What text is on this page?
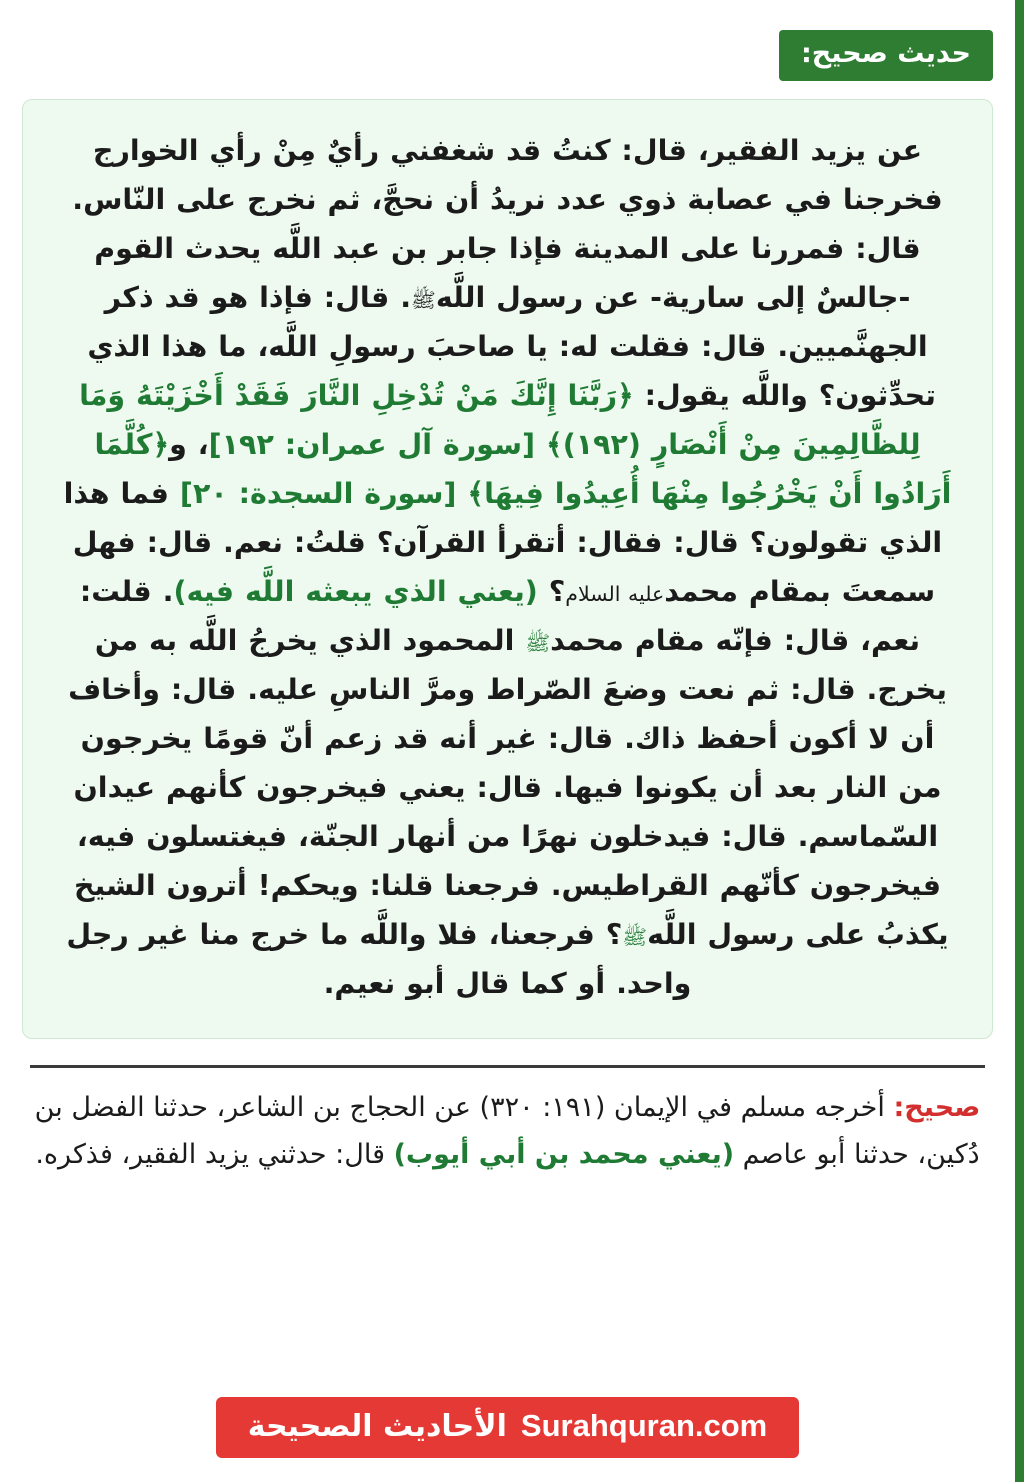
حديث صحيح:
عن يزيد الفقير، قال: كنتُ قد شغفني رأيٌ مِنْ رأي الخوارج فخرجنا في عصابة ذوي عدد نريدُ أن نحجَّ، ثم نخرج على النّاس. قال: فمررنا على المدينة فإذا جابر بن عبد اللَّه يحدث القوم -جالسٌ إلى سارية- عن رسول اللَّهﷺ. قال: فإذا هو قد ذكر الجهنَّميين. قال: فقلت له: يا صاحبَ رسولِ اللَّه، ما هذا الذي تحدِّثون؟ واللَّه يقول: ﴿رَبَّنَا إِنَّكَ مَنْ تُدْخِلِ النَّارَ فَقَدْ أَخْزَيْتَهُ وَمَا لِلظَّالِمِينَ مِنْ أَنْصَارٍ (١٩٢)﴾ [سورة آل عمران: ١٩٢]، و﴿كُلَّمَا أَرَادُوا أَنْ يَخْرُجُوا مِنْهَا أُعِيدُوا فِيهَا﴾ [سورة السجدة: ٢٠] فما هذا الذي تقولون؟ قال: فقال: أتقرأ القرآن؟ قلتُ: نعم. قال: فهل سمعتَ بمقام محمدعليه السلام؟ (يعني الذي يبعثه اللَّه فيه). قلت: نعم، قال: فإنّه مقام محمدﷺ المحمود الذي يخرجُ اللَّه به من يخرج. قال: ثم نعت وضعَ الصّراط ومرَّ الناسِ عليه. قال: وأخاف أن لا أكون أحفظ ذاك. قال: غير أنه قد زعم أنّ قومًا يخرجون من النار بعد أن يكونوا فيها. قال: يعني فيخرجون كأنهم عيدان السّماسم. قال: فيدخلون نهرًا من أنهار الجنّة، فيغتسلون فيه، فيخرجون كأنّهم القراطيس. فرجعنا قلنا: ويحكم! أترون الشيخ يكذبُ على رسول اللَّهﷺ؟ فرجعنا، فلا واللَّه ما خرج منا غير رجل واحد. أو كما قال أبو نعيم.
صحيح: أخرجه مسلم في الإيمان (١٩١: ٣٢٠) عن الحجاج بن الشاعر، حدثنا الفضل بن دُكين، حدثنا أبو عاصم (يعني محمد بن أبي أيوب) قال: حدثني يزيد الفقير، فذكره.
Surahquran.com
الأحاديث الصحيحة
